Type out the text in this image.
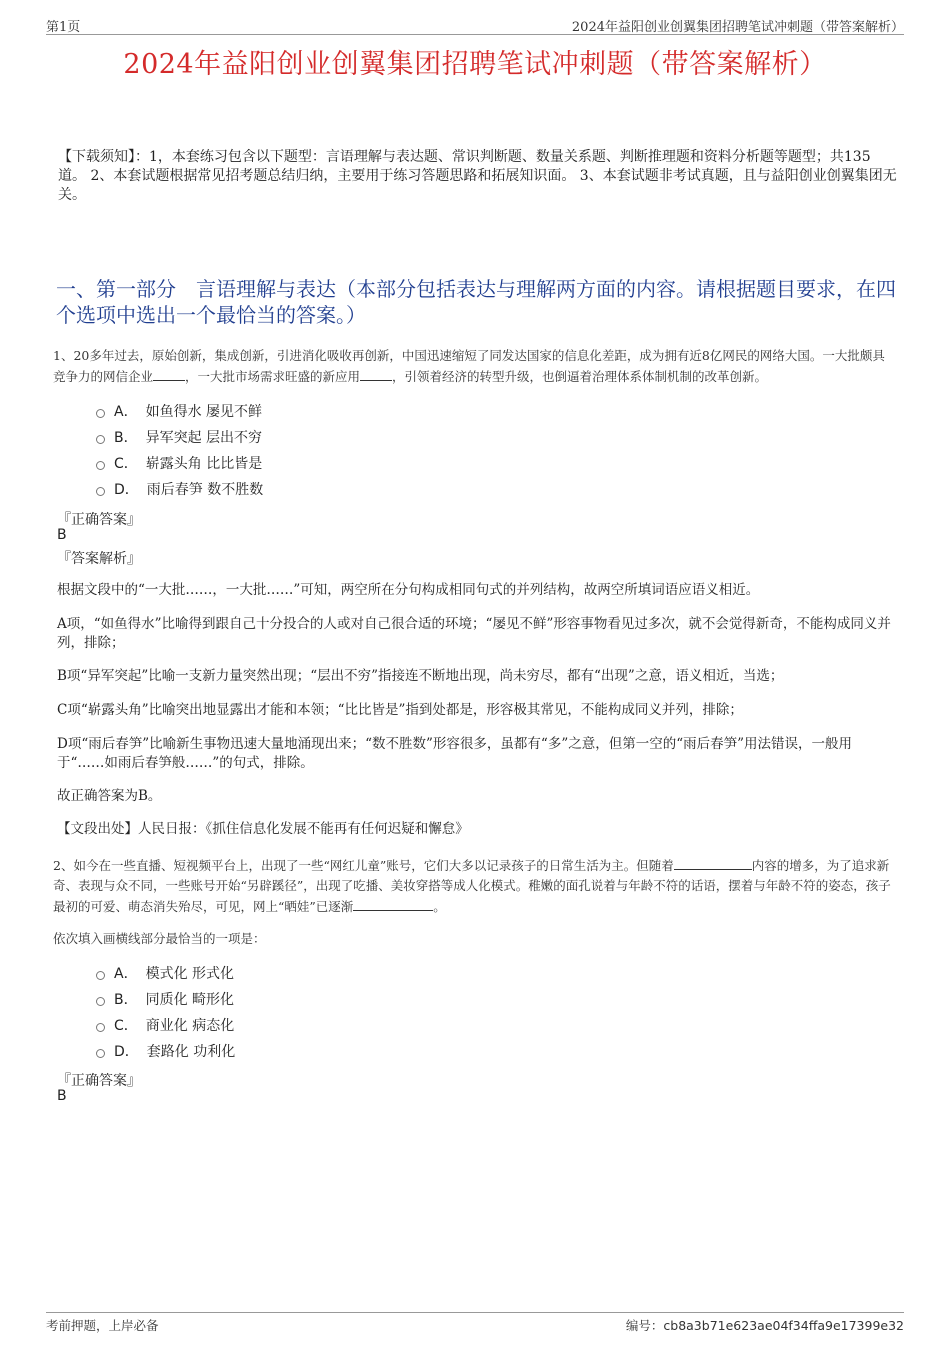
第1页	2024年益阳创业创翼集团招聘笔试冲刺题（带答案解析）
2024年益阳创业创翼集团招聘笔试冲刺题（带答案解析）
【下载须知】：1，本套练习包含以下题型：言语理解与表达题、常识判断题、数量关系题、判断推理题和资料分析题等题型；共135道。 2、本套试题根据常见招考题总结归纳，主要用于练习答题思路和拓展知识面。 3、本套试题非考试真题，且与益阳创业创翼集团无关。
一、第一部分　言语理解与表达（本部分包括表达与理解两方面的内容。请根据题目要求，在四个选项中选出一个最恰当的答案。）
1、20多年过去，原始创新，集成创新，引进消化吸收再创新，中国迅速缩短了同发达国家的信息化差距，成为拥有近8亿网民的网络大国。一大批颇具竞争力的网信企业	，一大批市场需求旺盛的新应用	，引领着经济的转型升级，也倒逼着治理体系体制机制的改革创新。
A． 如鱼得水 屡见不鲜
B． 异军突起 层出不穷
C． 崭露头角 比比皆是
D． 雨后春笋 数不胜数
『正确答案』
B
『答案解析』
根据文段中的“一大批……，一大批……”可知，两空所在分句构成相同句式的并列结构，故两空所填词语应语义相近。
A项，“如鱼得水”比喻得到跟自己十分投合的人或对自己很合适的环境；“屡见不鲜”形容事物看见过多次，就不会觉得新奇，不能构成同义并列，排除；
B项“异军突起”比喻一支新力量突然出现；“层出不穷”指接连不断地出现，尚未穷尽，都有“出现”之意，语义相近，当选；
C项“崭露头角”比喻突出地显露出才能和本领；“比比皆是”指到处都是，形容极其常见，不能构成同义并列，排除；
D项“雨后春笋”比喻新生事物迅速大量地涌现出来；“数不胜数”形容很多，虽都有“多”之意，但第一空的“雨后春笋”用法错误，一般用于“……如雨后春笋般……”的句式，排除。
故正确答案为B。
【文段出处】人民日报：《抓住信息化发展不能再有任何迟疑和懈怠》
2、如今在一些直播、短视频平台上，出现了一些“网红儿童”账号，它们大多以记录孩子的日常生活为主。但随着	内容的增多，为了追求新奇、表现与众不同，一些账号开始“另辟蹊径”，出现了吃播、美妆穿搭等成人化模式。稚嫩的面孔说着与年龄不符的话语，摆着与年龄不符的姿态，孩子最初的可爱、萌态消失殆尽，可见，网上“晒娃”已逐渐	。
依次填入画横线部分最恰当的一项是：
A． 模式化 形式化
B． 同质化 畸形化
C． 商业化 病态化
D． 套路化 功利化
『正确答案』
B
考前押题，上岸必备	编号：cb8a3b71e623ae04f34ffa9e17399e32
